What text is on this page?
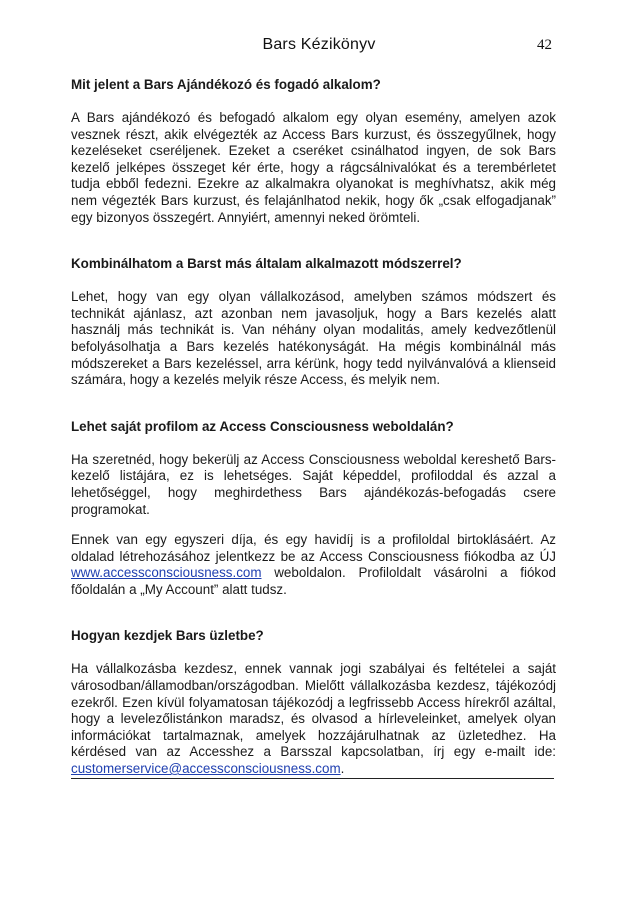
Bars Kézikönyv	42
Mit jelent a Bars Ajándékozó és fogadó alkalom?

A Bars ajándékozó és befogadó alkalom egy olyan esemény, amelyen azok vesznek részt, akik elvégezték az Access Bars kurzust, és összegyűlnek, hogy kezeléseket cseréljenek. Ezeket a cseréket csinálhatod ingyen, de sok Bars kezelő jelképes összeget kér érte, hogy a rágcsálnivalókat és a terembérletet tudja ebből fedezni. Ezekre az alkalmakra olyanokat is meghívhatsz, akik még nem végezték Bars kurzust, és felajánlhatod nekik, hogy ők „csak elfogadjanak” egy bizonyos összegért. Annyiért, amennyi neked örömteli.

Kombinálhatom a Barst más általam alkalmazott módszerrel?

Lehet, hogy van egy olyan vállalkozásod, amelyben számos módszert és technikát ajánlasz, azt azonban nem javasoljuk, hogy a Bars kezelés alatt használj más technikát is. Van néhány olyan modalitás, amely kedvezőtlenül befolyásolhatja a Bars kezelés hatékonyságát. Ha mégis kombinálnál más módszereket a Bars kezeléssel, arra kérünk, hogy tedd nyilvánvalóvá a klienseid számára, hogy a kezelés melyik része Access, és melyik nem.

Lehet saját profilom az Access Consciousness weboldalán?

Ha szeretnéd, hogy bekerülj az Access Consciousness weboldal kereshető Bars-kezelő listájára, ez is lehetséges. Saját képeddel, profiloddal és azzal a lehetőséggel, hogy meghirdethess Bars ajándékozás-befogadás csere programokat.

Ennek van egy egyszeri díja, és egy havidíj is a profiloldal birtoklásáért. Az oldalad létrehozásához jelentkezz be az Access Consciousness fiókodba az ÚJ www.accessconsciousness.com weboldalon. Profiloldalt vásárolni a fiókod főoldalán a „My Account” alatt tudsz.

Hogyan kezdjek Bars üzletbe?

Ha vállalkozásba kezdesz, ennek vannak jogi szabályai és feltételei a saját városodban/államodban/országodban. Mielőtt vállalkozásba kezdesz, tájékozódj ezekről. Ezen kívül folyamatosan tájékozódj a legfrissebb Access hírekről azáltal, hogy a levelezőlistánkon maradsz, és olvasod a hírleveleinket, amelyek olyan információkat tartalmaznak, amelyek hozzájárulhatnak az üzletedhez. Ha kérdésed van az Accesshez a Barsszal kapcsolatban, írj egy e-mailt ide: customerservice@accessconsciousness.com.
